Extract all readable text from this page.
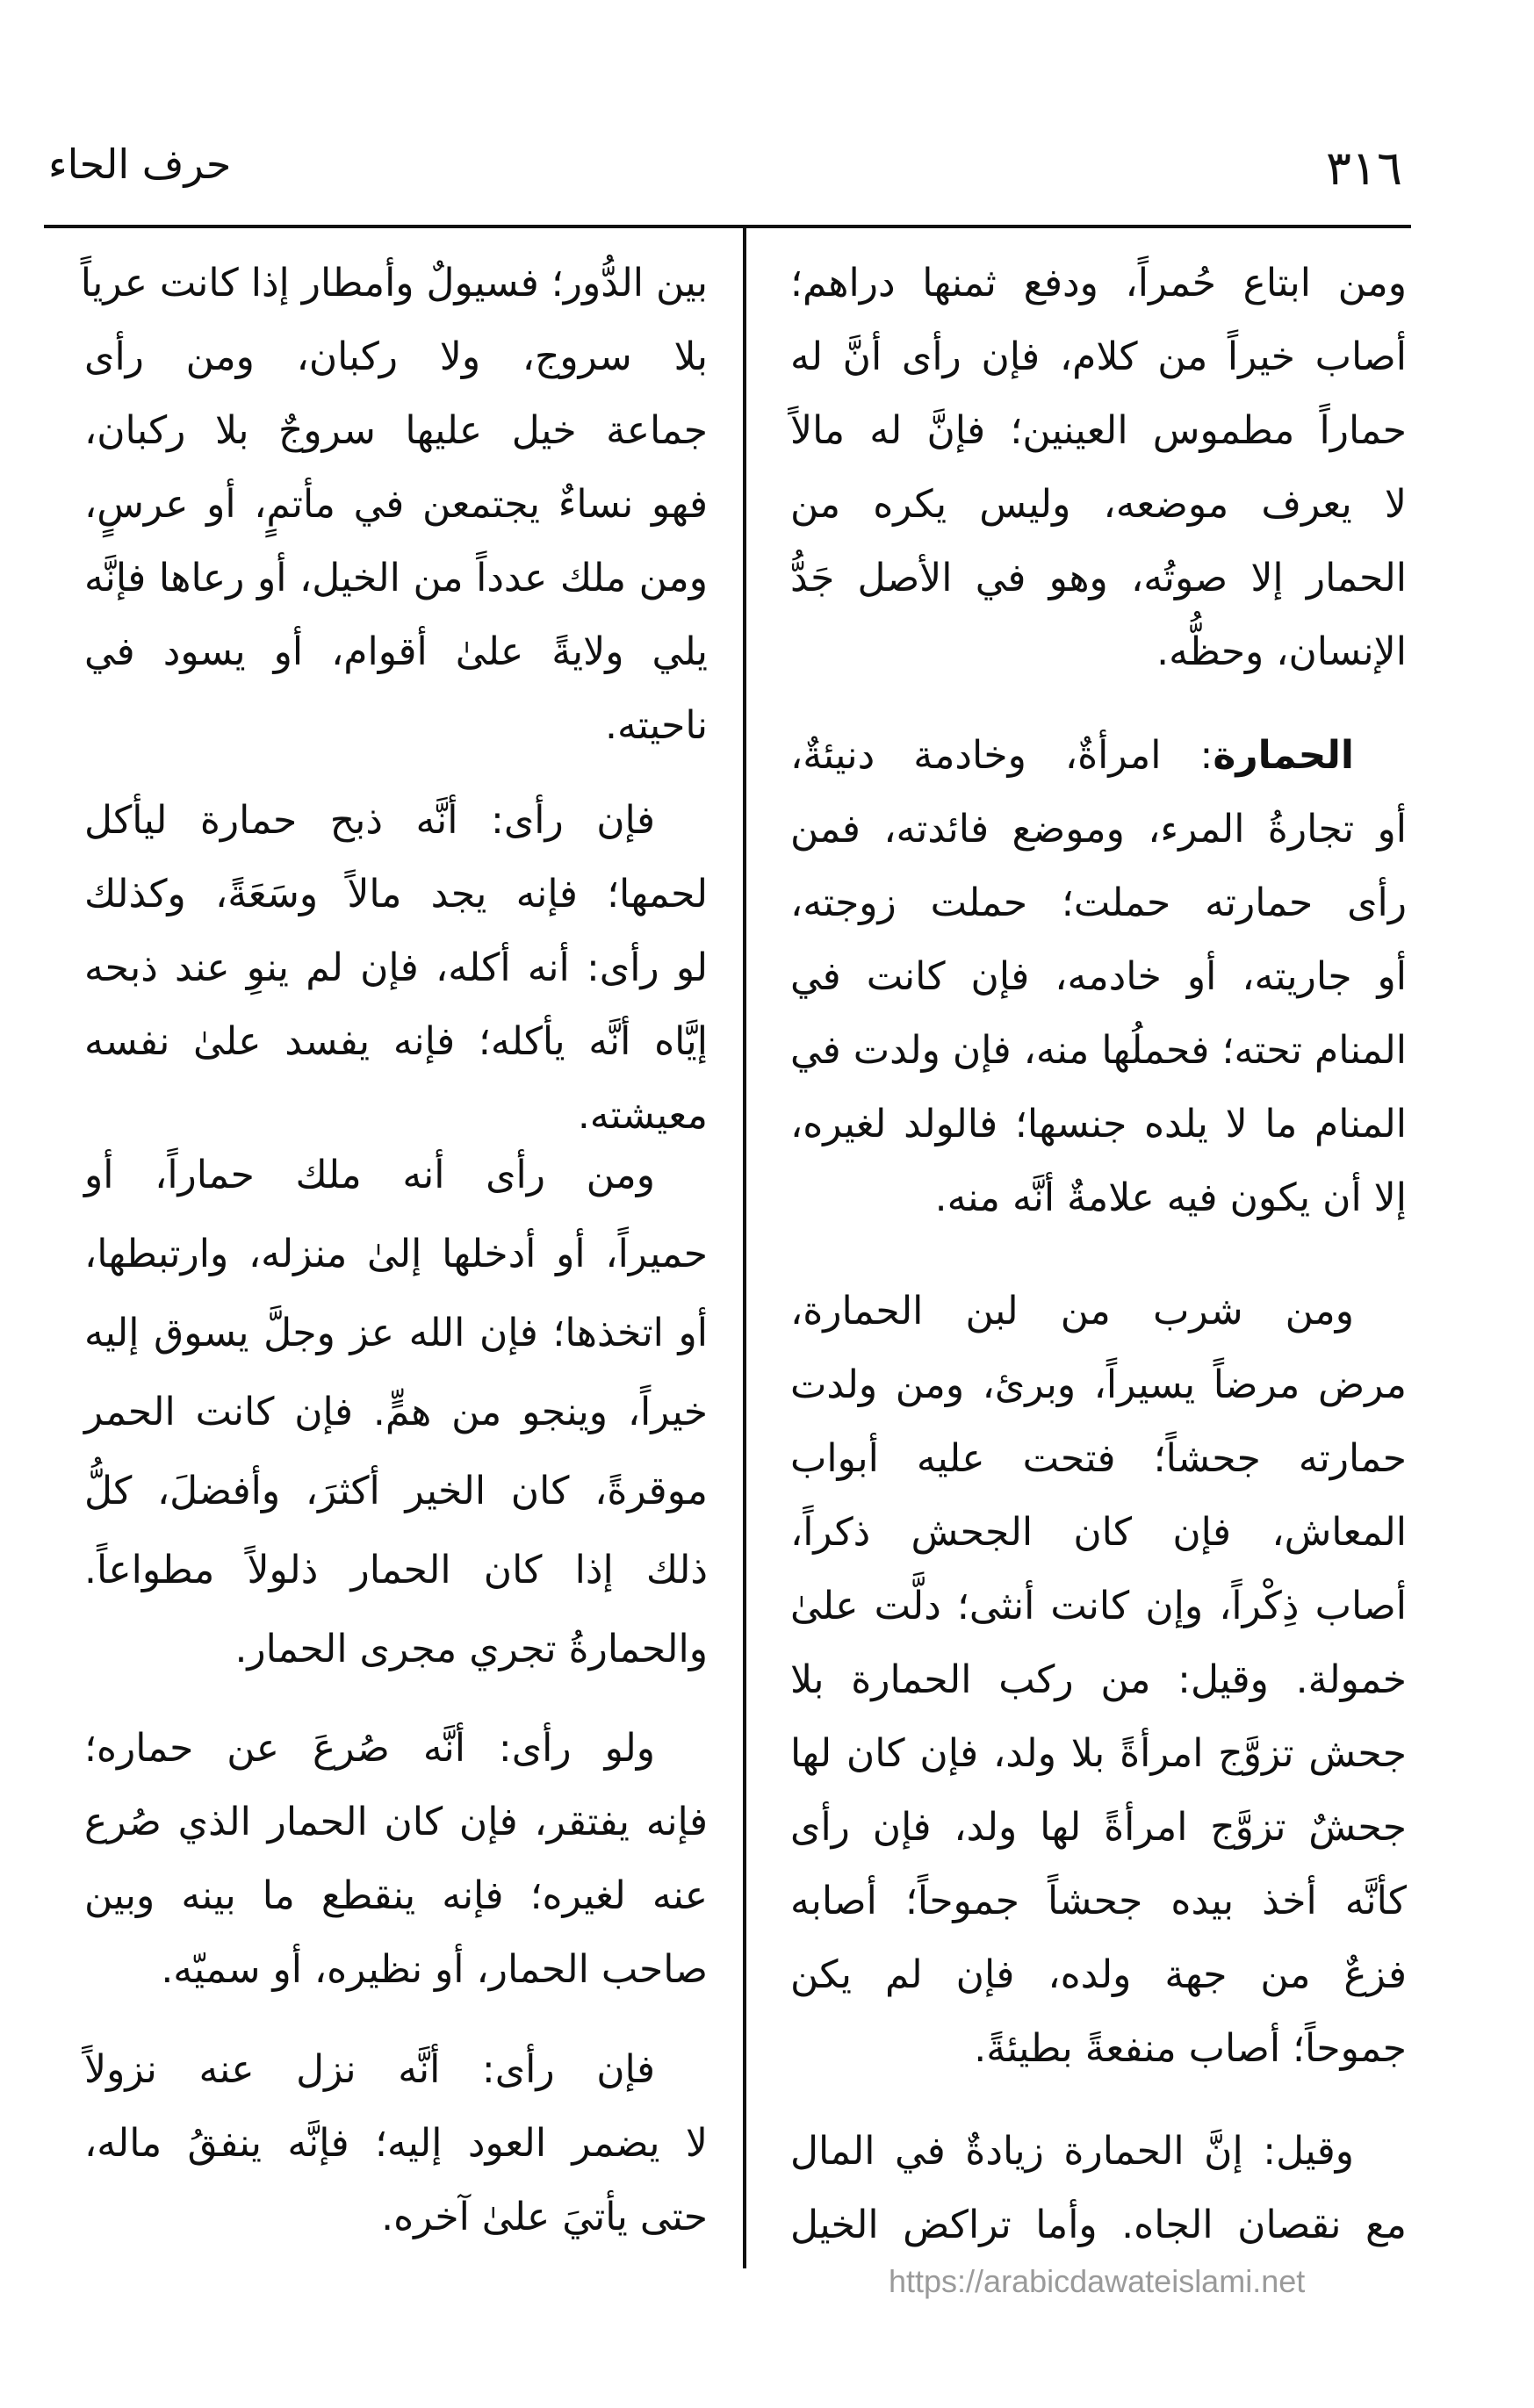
٣١٦
حرف الحاء
ومن ابتاع حُمراً، ودفع ثمنها دراهم؛
أصاب خيراً من كلام، فإن رأى أنَّ له
حماراً مطموس العينين؛ فإنَّ له مالاً
لا يعرف موضعه، وليس يكره من
الحمار إلا صوتُه، وهو في الأصل جَدُّ
الإنسان، وحظُّه.
الحمارة: امرأةٌ، وخادمة دنيئةٌ،
أو تجارةُ المرء، وموضع فائدته، فمن
رأى حمارته حملت؛ حملت زوجته،
أو جاريته، أو خادمه، فإن كانت في
المنام تحته؛ فحملُها منه، فإن ولدت في
المنام ما لا يلده جنسها؛ فالولد لغيره،
إلا أن يكون فيه علامةٌ أنَّه منه.
ومن شرب من لبن الحمارة،
مرض مرضاً يسيراً، وبرئ، ومن ولدت
حمارته جحشاً؛ فتحت عليه أبواب
المعاش، فإن كان الجحش ذكراً،
أصاب ذِكْراً، وإن كانت أنثى؛ دلَّت علىٰ
خمولة. وقيل: من ركب الحمارة بلا
جحش تزوَّج امرأةً بلا ولد، فإن كان لها
جحشٌ تزوَّج امرأةً لها ولد، فإن رأى
كأنَّه أخذ بيده جحشاً جموحاً؛ أصابه
فزعٌ من جهة ولده، فإن لم يكن
جموحاً؛ أصاب منفعةً بطيئةً.
وقيل: إنَّ الحمارة زيادةٌ في المال
مع نقصان الجاه. وأما تراكض الخيل
بين الدُّور؛ فسيولٌ وأمطار إذا كانت عرياً
بلا سروج، ولا ركبان، ومن رأى
جماعة خيل عليها سروجٌ بلا ركبان،
فهو نساءٌ يجتمعن في مأتمٍ، أو عرسٍ،
ومن ملك عدداً من الخيل، أو رعاها فإنَّه
يلي ولايةً علىٰ أقوام، أو يسود في
ناحيته.
فإن رأى: أنَّه ذبح حمارة ليأكل
لحمها؛ فإنه يجد مالاً وسَعَةً، وكذلك
لو رأى: أنه أكله، فإن لم ينوِ عند ذبحه
إيَّاه أنَّه يأكله؛ فإنه يفسد علىٰ نفسه
معيشته.
ومن رأى أنه ملك حماراً، أو
حميراً، أو أدخلها إلىٰ منزله، وارتبطها،
أو اتخذها؛ فإن الله عز وجلَّ يسوق إليه
خيراً، وينجو من همٍّ. فإن كانت الحمر
موقرةً، كان الخير أكثرَ، وأفضلَ، كلُّ
ذلك إذا كان الحمار ذلولاً مطواعاً.
والحمارةُ تجري مجرى الحمار.
ولو رأى: أنَّه صُرعَ عن حماره؛
فإنه يفتقر، فإن كان الحمار الذي صُرع
عنه لغيره؛ فإنه ينقطع ما بينه وبين
صاحب الحمار، أو نظيره، أو سميّه.
فإن رأى: أنَّه نزل عنه نزولاً
لا يضمر العود إليه؛ فإنَّه ينفقُ ماله،
حتى يأتيَ علىٰ آخره.
https://arabicdawateislami.net
